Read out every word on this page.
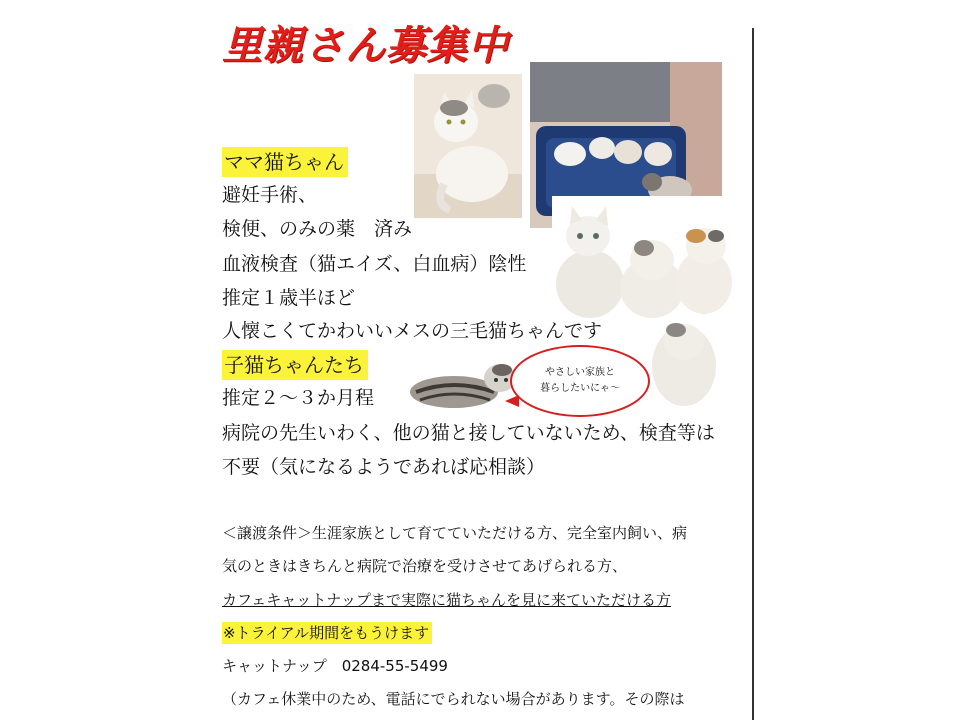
里親さん募集中
やさしい家族と
暮らしたいにゃ～
ママ猫ちゃん
避妊手術、
検便、のみの薬　済み
血液検査（猫エイズ、白血病）陰性
推定１歳半ほど
人懐こくてかわいいメスの三毛猫ちゃんです
子猫ちゃんたち
推定２～３か月程
病院の先生いわく、他の猫と接していないため、検査等は
不要（気になるようであれば応相談）
＜譲渡条件＞生涯家族として育てていただける方、完全室内飼い、病
気のときはきちんと病院で治療を受けさせてあげられる方、
カフェキャットナップまで実際に猫ちゃんを見に来ていただける方
※トライアル期間をもうけます
キャットナップ　0284-55-5499
（カフェ休業中のため、電話にでられない場合があります。その際は
